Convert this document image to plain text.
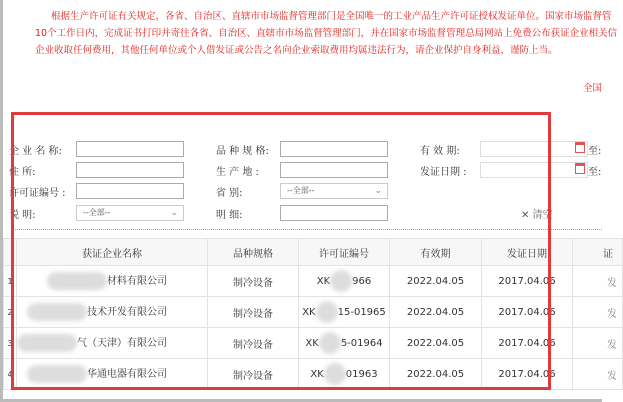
根据生产许可证有关规定，各省、自治区、直辖市市场监督管理部门是全国唯一的工业产品生产许可证授权发证单位。国家市场监督管
10个工作日内，完成证书打印并寄往各省、自治区、直辖市市场监督管理部门，并在国家市场监督管理总局网站上免费公布获证企业相关信
企业收取任何费用，其他任何单位或个人借发证或公告之名向企业索取费用均属违法行为，请企业保护自身利益，谨防上当。
全国
企 业 名 称:	品 种 规 格:	有 效 期:	至:
住 所:	生 产 地 :	发证日期 :	至:
许可证编号 :	省 别:	--全部--	⌄
说 明:	--全部--	⌄	明 细:	✕ 清空
	获证企业名称	品种规格	许可证编号	有效期	发证日期	证
1	材料有限公司	制冷设备	XK 966	2022.04.05	2017.04.06	发
2	技术开发有限公司	制冷设备	XK 15-01965	2022.04.05	2017.04.06	发
3	气（天津）有限公司	制冷设备	XK 5-01964	2022.04.05	2017.04.06	发
4	华通电器有限公司	制冷设备	XK 01963	2022.04.05	2017.04.06	发
